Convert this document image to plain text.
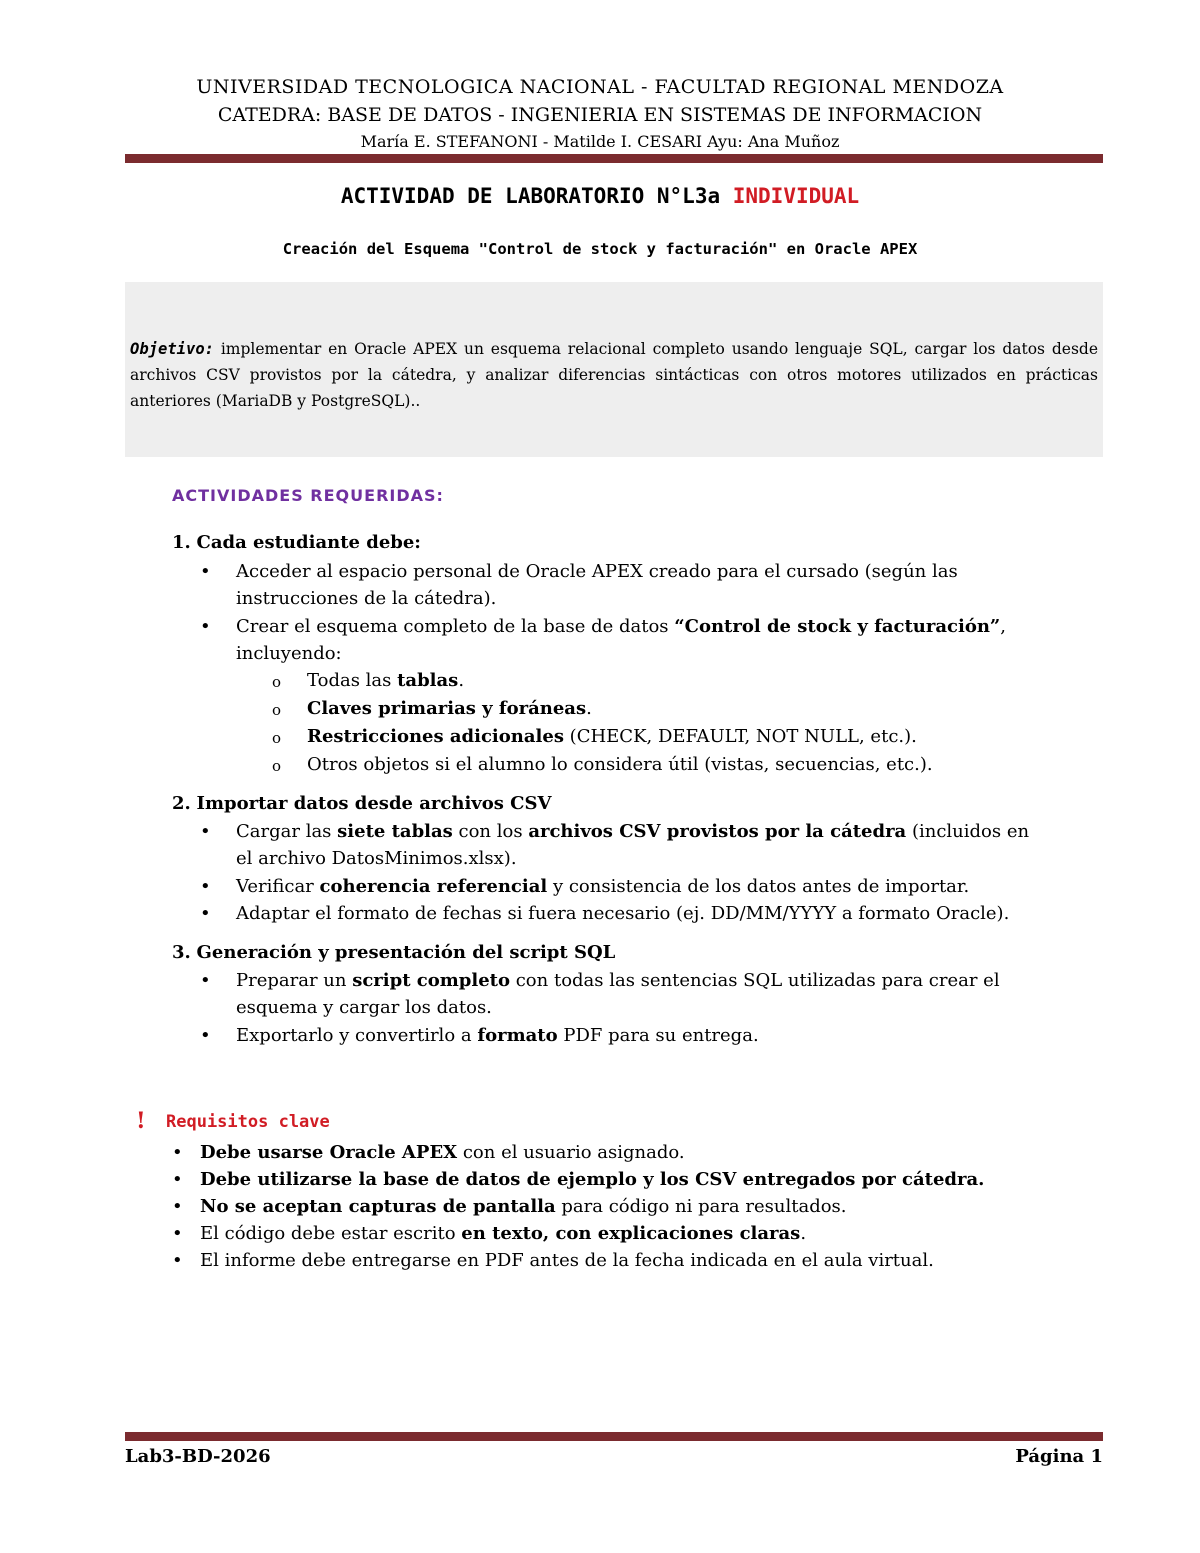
UNIVERSIDAD TECNOLOGICA NACIONAL - FACULTAD REGIONAL MENDOZA
CATEDRA: BASE DE DATOS - INGENIERIA EN SISTEMAS DE INFORMACION
María E. STEFANONI - Matilde I. CESARI Ayu: Ana Muñoz
ACTIVIDAD DE LABORATORIO N°L3a INDIVIDUAL
Creación del Esquema "Control de stock y facturación" en Oracle APEX
Objetivo: implementar en Oracle APEX un esquema relacional completo usando lenguaje SQL, cargar los datos desde archivos CSV provistos por la cátedra, y analizar diferencias sintácticas con otros motores utilizados en prácticas anteriores (MariaDB y PostgreSQL)..
ACTIVIDADES REQUERIDAS:
1. Cada estudiante debe:
• Acceder al espacio personal de Oracle APEX creado para el cursado (según las
instrucciones de la cátedra).
• Crear el esquema completo de la base de datos “Control de stock y facturación”,
incluyendo:
o Todas las tablas.
o Claves primarias y foráneas.
o Restricciones adicionales (CHECK, DEFAULT, NOT NULL, etc.).
o Otros objetos si el alumno lo considera útil (vistas, secuencias, etc.).
2. Importar datos desde archivos CSV
• Cargar las siete tablas con los archivos CSV provistos por la cátedra (incluidos en
el archivo DatosMinimos.xlsx).
• Verificar coherencia referencial y consistencia de los datos antes de importar.
• Adaptar el formato de fechas si fuera necesario (ej. DD/MM/YYYY a formato Oracle).
3. Generación y presentación del script SQL
• Preparar un script completo con todas las sentencias SQL utilizadas para crear el
esquema y cargar los datos.
• Exportarlo y convertirlo a formato PDF para su entrega.
! Requisitos clave
• Debe usarse Oracle APEX con el usuario asignado.
• Debe utilizarse la base de datos de ejemplo y los CSV entregados por cátedra.
• No se aceptan capturas de pantalla para código ni para resultados.
• El código debe estar escrito en texto, con explicaciones claras.
• El informe debe entregarse en PDF antes de la fecha indicada en el aula virtual.
Lab3-BD-2026	Página 1
